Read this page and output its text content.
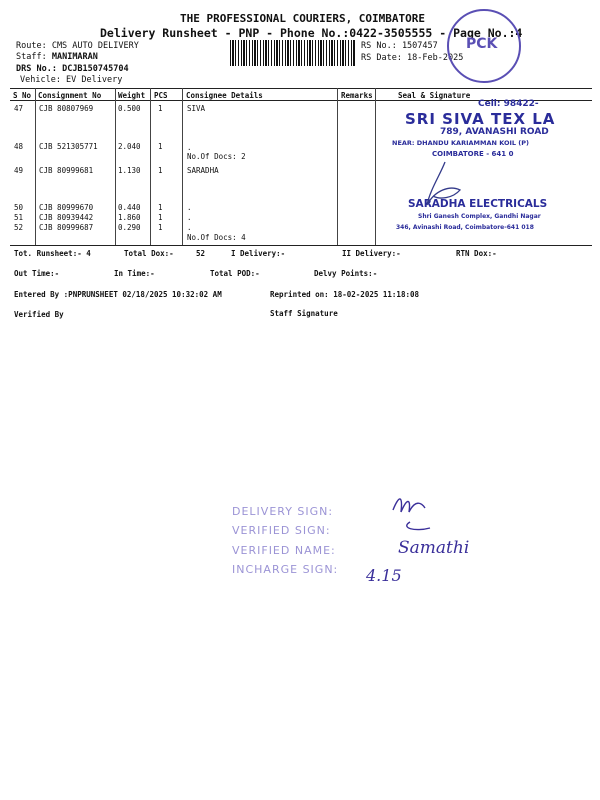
THE PROFESSIONAL COURIERS, COIMBATORE
Delivery Runsheet - PNP - Phone No.:0422-3505555 - Page No.:4
Route: CMS AUTO DELIVERY
Staff: MANIMARAN
DRS No.: DCJB150745704
Vehicle: EV Delivery
RS No.: 1507457
RS Date: 18-Feb-2025
PCK
S No Consignment No Weight PCS Consignee Details	Remarks	Seal & Signature
47 CJB 80807969	0.500 1	SIVA
48 CJB 521305771	2.040 1	.
No.Of Docs: 2
49 CJB 80999681	1.130 1	SARADHA
50 CJB 80999670	0.440 1	.
51 CJB 80939442	1.860 1	.
52 CJB 80999687	0.290 1	.
No.Of Docs: 4
Cell: 98422-
SRI SIVA TEX LA
789, AVANASHI ROAD
NEAR: DHANDU KARIAMMAN KOIL (P)
COIMBATORE - 641 0
SARADHA ELECTRICALS
Shri Ganesh Complex, Gandhi Nagar
346, Avinashi Road, Coimbatore-641 018
Tot. Runsheet:- 4	Total Dox:-	52	I Delivery:-	II Delivery:-	RTN Dox:-
Out Time:-	In Time:-	Total POD:-	Delvy Points:-
Entered By :PNPRUNSHEET 02/18/2025 10:32:02 AM	Reprinted on: 18-02-2025 11:18:08
Verified By	Staff Signature
DELIVERY SIGN:
VERIFIED SIGN:
VERIFIED NAME:
INCHARGE SIGN:
Samathi
4.15
